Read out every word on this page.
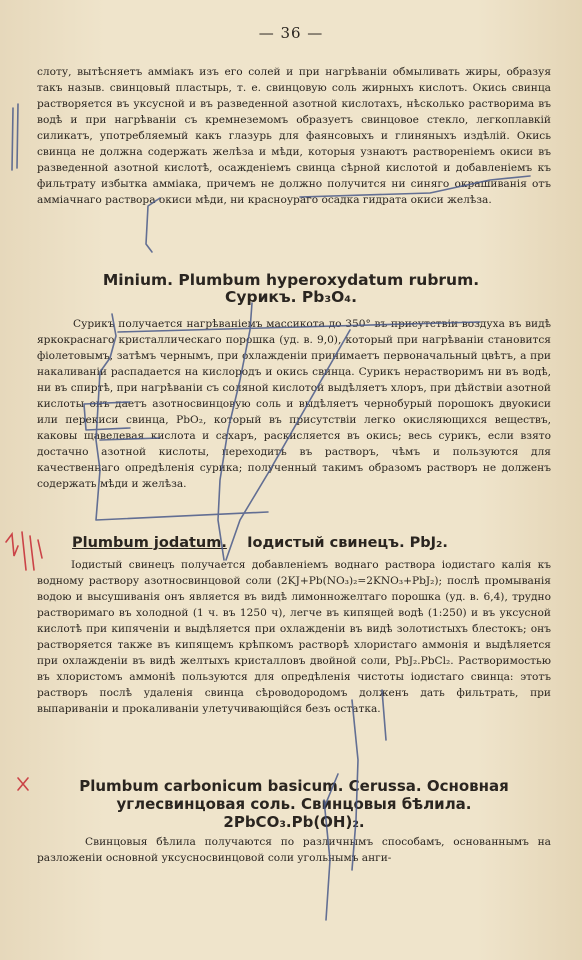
— 36 —
слоту, вытѣсняетъ аммiакъ изъ его солей и при нагрѣванiи обмыливать жиры, образуя такъ назыв. свинцовый пластырь, т. е. свинцовую соль жирныхъ кислотъ. Окись свинца растворяется въ уксусной и въ разведенной азотной кислотахъ, нѣсколько растворима въ водѣ и при нагрѣванiи съ кремнеземомъ образуетъ свинцовое стекло, легкоплавкiй силикатъ, употребляемый какъ глазурь для фаянсовыхъ и глиняныхъ издѣлiй. Окись свинца не должна содержать желѣза и мѣди, которыя узнаютъ растворенiемъ окиси въ разведенной азотной кислотѣ, осажденiемъ свинца сѣрной кислотой и добавленiемъ къ фильтрату избытка аммiака, причемъ не должно получится ни синяго окрашиванiя отъ аммiачнаго раствора окиси мѣди, ни красноураго осадка гидрата окиси желѣза.
Minium. Plumbum hyperoxydatum rubrum.
Сурикъ. Pb₃O₄.
Сурикъ получается нагрѣванiемъ массикота до 350° въ присутствiи воздуха въ видѣ яркокраснаго кристаллическаго порошка (уд. в. 9,0), который при нагрѣванiи становится фiолетовымъ, затѣмъ чернымъ, при охлажденiи принимаетъ первоначальный цвѣтъ, а при накаливанiи распадается на кислородъ и окись свинца. Сурикъ нерастворимъ ни въ водѣ, ни въ спиртѣ, при нагрѣванiи съ соляной кислотой выдѣляетъ хлоръ, при дѣйствiи азотной кислоты онъ даетъ азотносвинцовую соль и выдѣляетъ чернобурый порошокъ двуокиси или перекиси свинца, PbO₂, который въ присутствiи легко окисляющихся веществъ, каковы щавелевая кислота и сахаръ, раскисляется въ окись; весь сурикъ, если взято достачно азотной кислоты, переходитъ въ растворъ, чѣмъ и пользуются для качественнаго опредѣленiя сурика; полученный такимъ образомъ растворъ не долженъ содержать мѣди и желѣза.
Plumbum jodatum. Iодистый свинецъ. PbJ₂.
Iодистый свинецъ получается добавленiемъ воднаго раствора iодистаго калiя къ водному раствору азотносвинцовой соли (2KJ+Pb(NO₃)₂=2KNO₃+PbJ₂); послѣ промыванiя водою и высушиванiя онъ является въ видѣ лимонножелтаго порошка (уд. в. 6,4), трудно растворимаго въ холодной (1 ч. въ 1250 ч), легче въ кипящей водѣ (1:250) и въ уксусной кислотѣ при кипяченiи и выдѣляется при охлажденiи въ видѣ золотистыхъ блестокъ; онъ растворяется также въ кипящемъ крѣпкомъ растворѣ хлористаго аммонiя и выдѣляется при охлажденiи въ видѣ желтыхъ кристалловъ двойной соли, PbJ₂.PbCl₂. Растворимостью въ хлористомъ аммонiѣ пользуются для опредѣленiя чистоты iодистаго свинца: этотъ растворъ послѣ удаленiя свинца сѣроводородомъ долженъ дать фильтрать, при выпариванiи и прокаливанiи улетучивающiйся безъ остатка.
Plumbum carbonicum basicum. Cerussa. Основная
углесвинцовая соль. Свинцовыя бѣлила.
2PbCO₃.Pb(OH)₂.
Свинцовыя бѣлила получаются по различнымъ способамъ, основаннымъ на разложенiи основной уксусносвинцовой соли угольнымъ анги-
